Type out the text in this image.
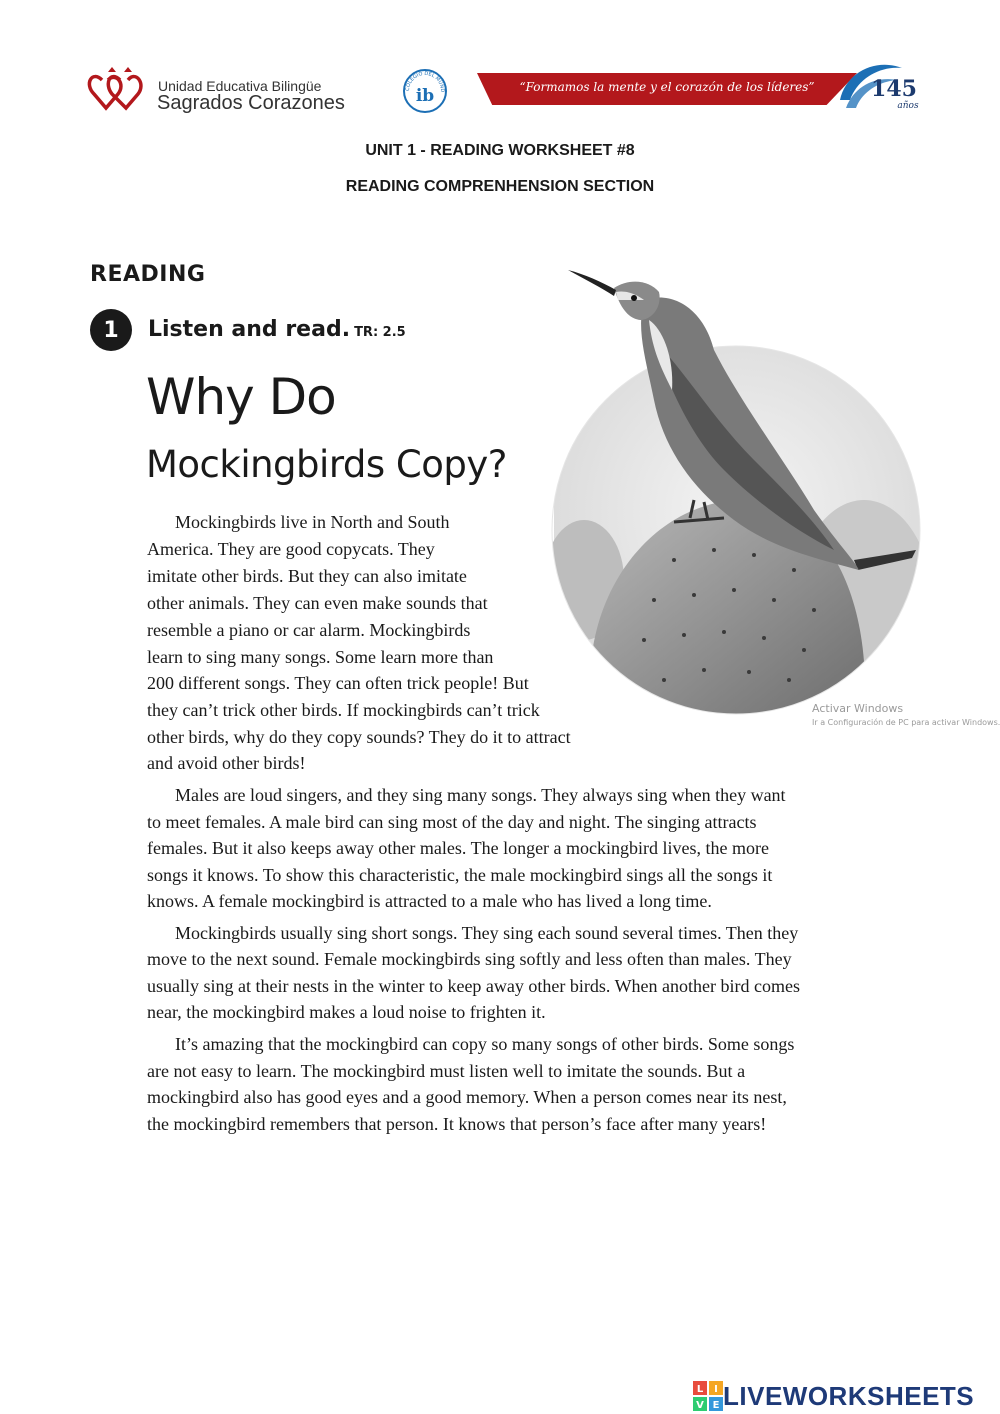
Unidad Educativa Bilingüe
Sagrados Corazones
COLEGIO DEL MUND
ib	“Formamos la mente y el corazón de los líderes”	145
años
UNIT 1 - READING WORKSHEET #8
READING COMPRENHENSION SECTION
READING
1	Listen and read. TR: 2.5
Why Do
Mockingbirds Copy?
Activar Windows
Ir a Configuración de PC para activar Windows.
Mockingbirds live in North and South
America. They are good copycats. They
imitate other birds. But they can also imitate
other animals. They can even make sounds that
resemble a piano or car alarm. Mockingbirds
learn to sing many songs. Some learn more than
200 different songs. They can often trick people! But
they can’t trick other birds. If mockingbirds can’t trick
other birds, why do they copy sounds? They do it to attract
and avoid other birds!
Males are loud singers, and they sing many songs. They always sing when they want
to meet females. A male bird can sing most of the day and night. The singing attracts
females. But it also keeps away other males. The longer a mockingbird lives, the more
songs it knows. To show this characteristic, the male mockingbird sings all the songs it
knows. A female mockingbird is attracted to a male who has lived a long time.
Mockingbirds usually sing short songs. They sing each sound several times. Then they
move to the next sound. Female mockingbirds sing softly and less often than males. They
usually sing at their nests in the winter to keep away other birds. When another bird comes
near, the mockingbird makes a loud noise to frighten it.
It’s amazing that the mockingbird can copy so many songs of other birds. Some songs
are not easy to learn. The mockingbird must listen well to imitate the sounds. But a
mockingbird also has good eyes and a good memory. When a person comes near its nest,
the mockingbird remembers that person. It knows that person’s face after many years!
L I
V E LIVEWORKSHEETS
